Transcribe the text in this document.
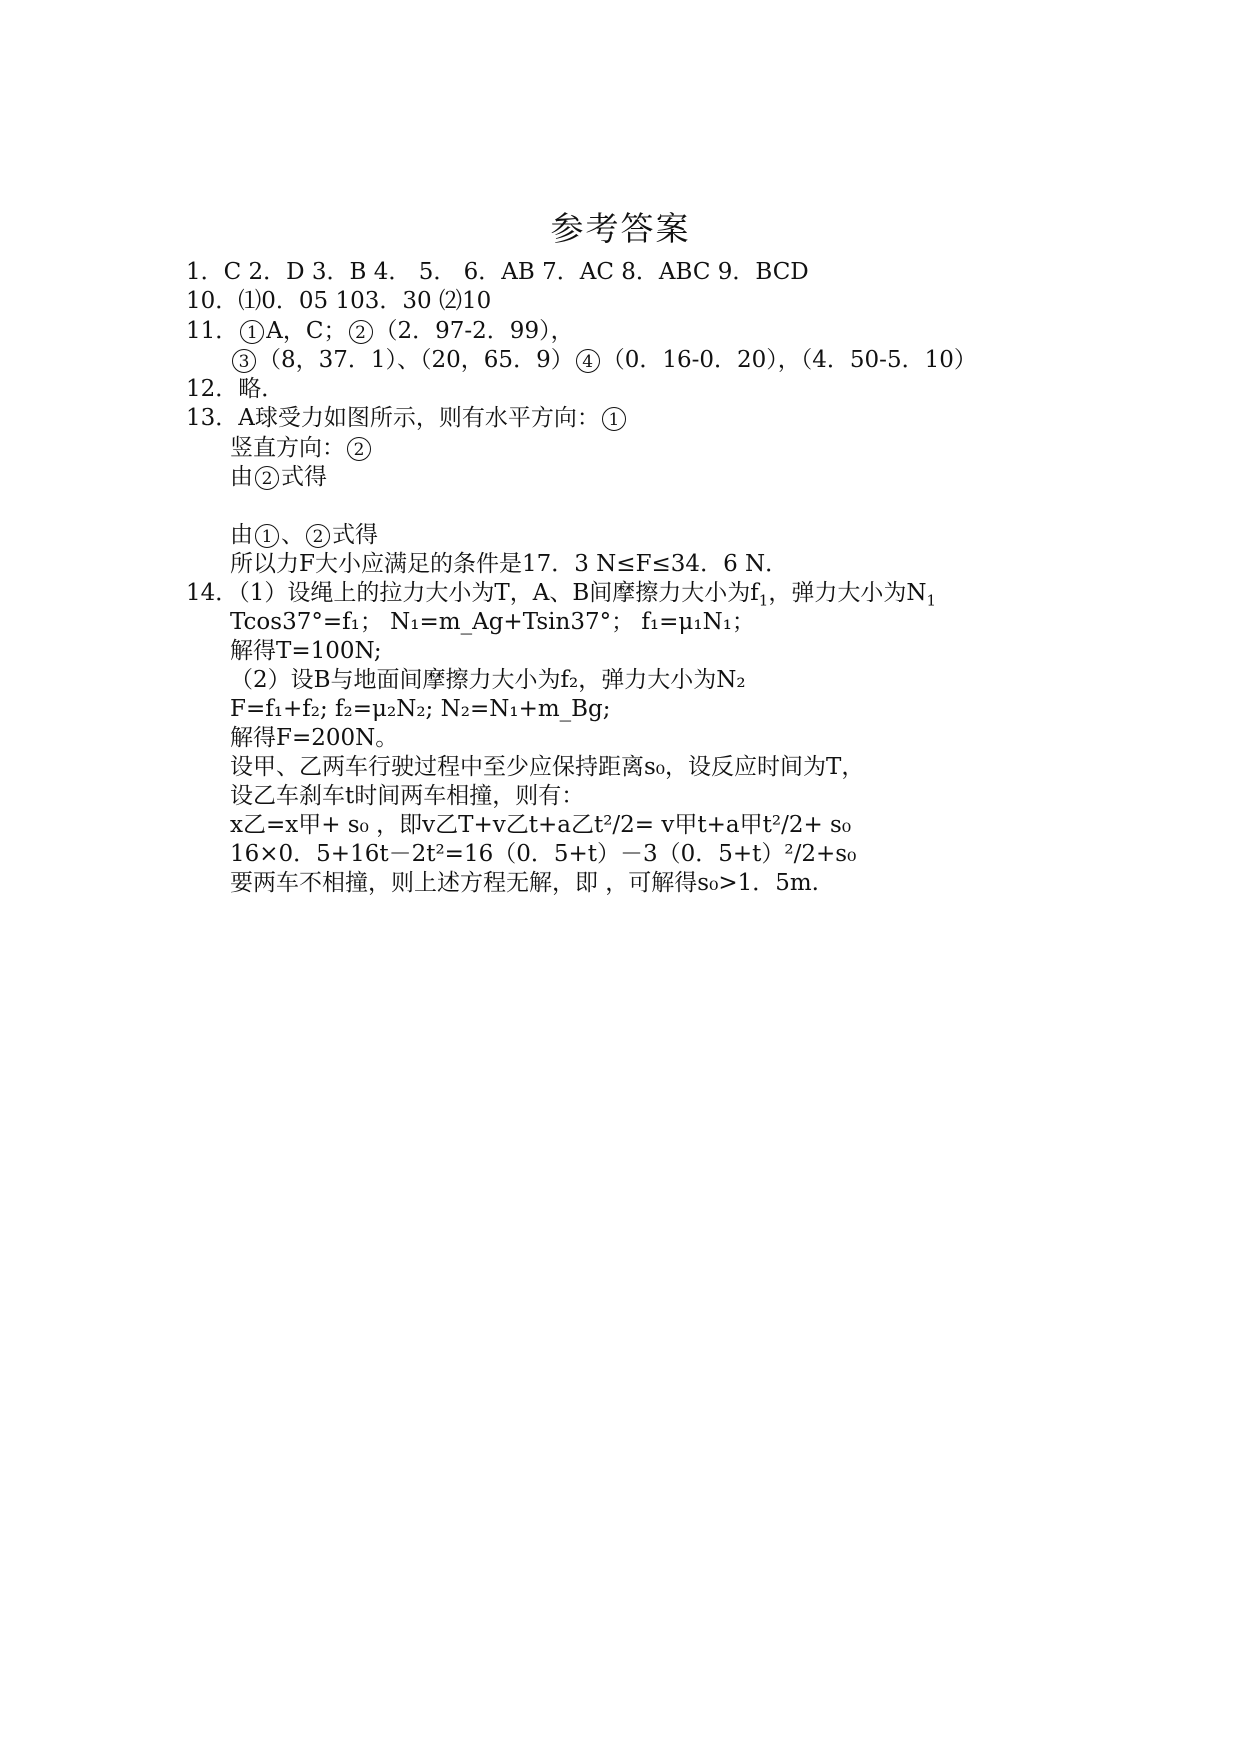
参考答案
1．C 2．D 3．B 4． 5． 6．AB 7．AC 8．ABC 9．BCD
10．⑴0．05 103．30 ⑵10
11． 1 A，C； 2 （2．97-2．99），
3 （8，37．1）、（20，65．9） 4 （0．16-0．20），（4．50-5．10）
12．略．
13．A球受力如图所示，则有水平方向： 1
竖直方向： 2
由 2 式得
由 1 、 2 式得
所以力F大小应满足的条件是17．3 N≤F≤34．6 N．
14．（1）设绳上的拉力大小为T，A、B间摩擦力大小为$f_1$，弹力大小为$N_1$
Tcos37°=f₁； N₁=m_Ag+Tsin37°； f₁=μ₁N₁；
解得T=100N;
（2）设B与地面间摩擦力大小为f₂，弹力大小为N₂
F=f₁+f₂; f₂=μ₂N₂; N₂=N₁+m_Bg;
解得F=200N。
设甲、乙两车行驶过程中至少应保持距离s₀，设反应时间为T，
设乙车刹车t时间两车相撞，则有：
x乙=x甲+ s₀ ，即v乙T+v乙t+a乙t²/2= v甲t+a甲t²/2+ s₀
16×0．5+16t－2t²=16（0．5+t）－3（0．5+t）²/2+s₀
要两车不相撞，则上述方程无解，即 ，可解得s₀>1．5m.
